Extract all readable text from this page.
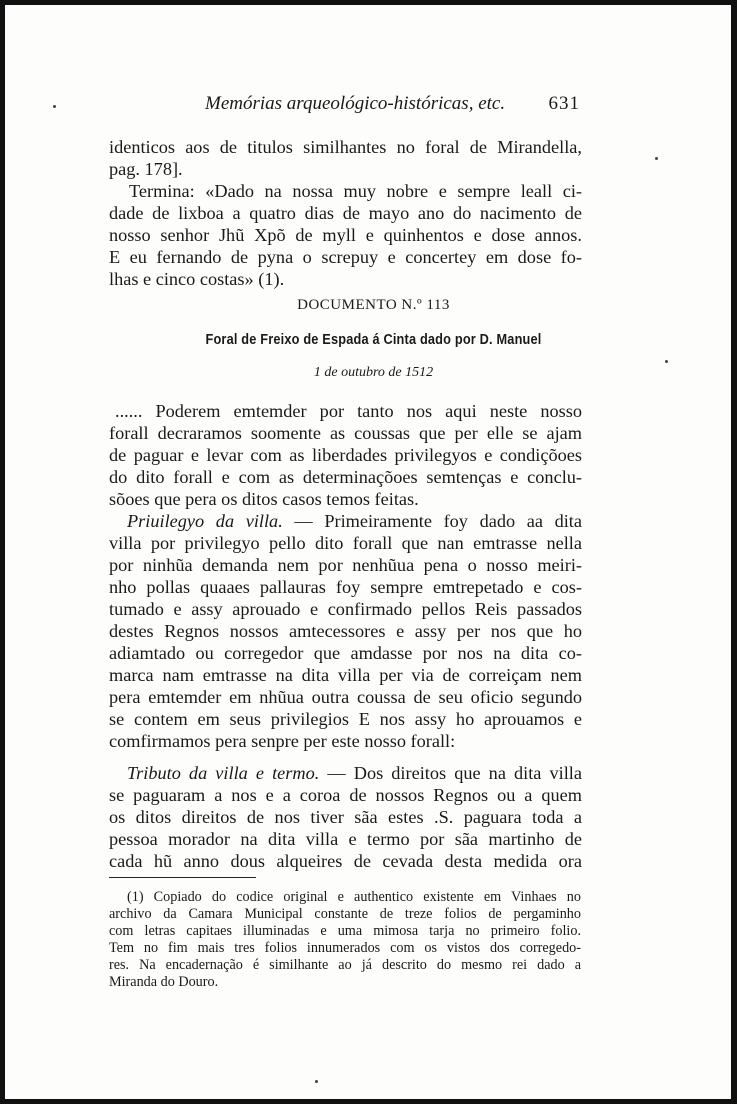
Memórias arqueológico-históricas, etc. 631
identicos aos de titulos similhantes no foral de Mirandella,
pag. 178].
Termina: «Dado na nossa muy nobre e sempre leall ci-
dade de lixboa a quatro dias de mayo ano do nacimento de
nosso senhor Jhũ Xpõ de myll e quinhentos e dose annos.
E eu fernando de pyna o screpuy e concertey em dose fo-
lhas e cinco costas» (1).
DOCUMENTO N.º 113
Foral de Freixo de Espada á Cinta dado por D. Manuel
1 de outubro de 1512
...... Poderem emtemder por tanto nos aqui neste nosso
forall decraramos soomente as coussas que per elle se ajam
de paguar e levar com as liberdades privilegyos e condiçõoes
do dito forall e com as determinaçõoes semtenças e conclu-
sõoes que pera os ditos casos temos feitas.
Priuilegyo da villa. — Primeiramente foy dado aa dita
villa por privilegyo pello dito forall que nan emtrasse nella
por ninhũa demanda nem por nenhũua pena o nosso meiri-
nho pollas quaaes pallauras foy sempre emtrepetado e cos-
tumado e assy aprouado e confirmado pellos Reis passados
destes Regnos nossos amtecessores e assy per nos que ho
adiamtado ou corregedor que amdasse por nos na dita co-
marca nam emtrasse na dita villa per via de correiçam nem
pera emtemder em nhũua outra coussa de seu oficio segundo
se contem em seus privilegios E nos assy ho aprouamos e
comfirmamos pera senpre per este nosso forall:
Tributo da villa e termo. — Dos direitos que na dita villa
se paguaram a nos e a coroa de nossos Regnos ou a quem
os ditos direitos de nos tiver sãa estes .S. paguara toda a
pessoa morador na dita villa e termo por sãa martinho de
cada hũ anno dous alqueires de cevada desta medida ora
(1) Copiado do codice original e authentico existente em Vinhaes no
archivo da Camara Municipal constante de treze folios de pergaminho
com letras capitaes illuminadas e uma mimosa tarja no primeiro folio.
Tem no fim mais tres folios innumerados com os vistos dos corregedo-
res. Na encadernação é similhante ao já descrito do mesmo rei dado a
Miranda do Douro.
